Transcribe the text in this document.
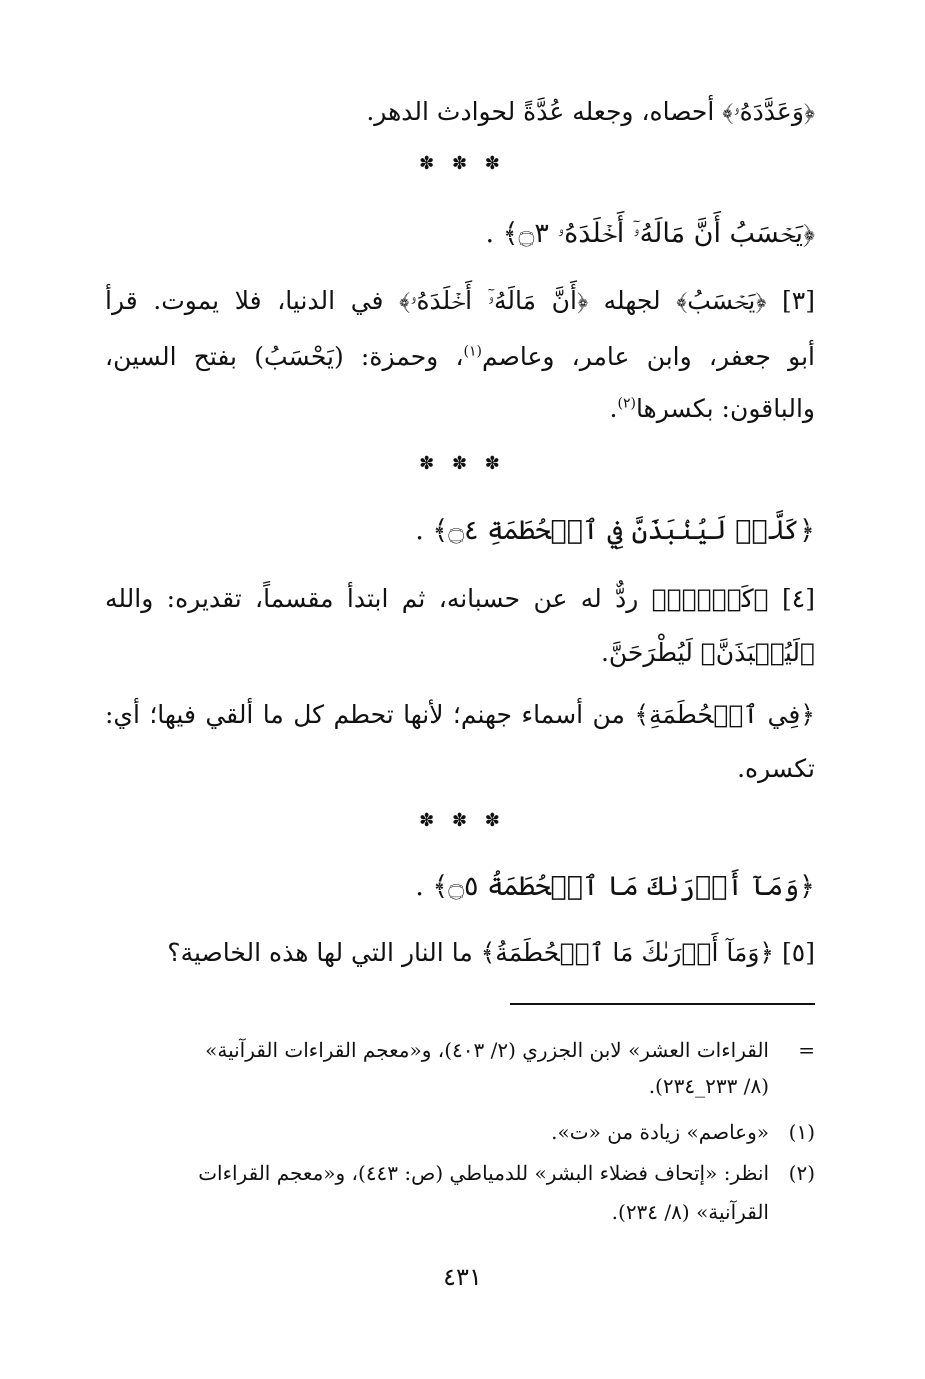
﴿وَعَدَّدَهُۥ﴾ أحصاه، وجعله عُدَّةً لحوادث الدهر.
✽ ✽ ✽
﴿يَحۡسَبُ أَنَّ مَالَهُۥٓ أَخۡلَدَهُۥ ۝٣﴾ .
[٣] ﴿يَحۡسَبُ﴾ لجهله ﴿أَنَّ مَالَهُۥٓ أَخۡلَدَهُۥ﴾ في الدنيا، فلا يموت. قرأ
أبو جعفر، وابن عامر، وعاصم$^{(١)}$، وحمزة: (يَحْسَبُ) بفتح السين،
والباقون: بكسرها$^{(٢)}$.
✽ ✽ ✽
﴿كَلَّاۖ لَيُنۢبَذَنَّ فِي ٱلۡحُطَمَةِ ۝٤﴾ .
[٤] ﴿كَلَّاۖ﴾ ردٌّ له عن حسبانه، ثم ابتدأ مقسماً، تقديره: والله
﴿لَيُنۢبَذَنَّ﴾ لَيُطْرَحَنَّ.
﴿فِي ٱلۡحُطَمَةِ﴾ من أسماء جهنم؛ لأنها تحطم كل ما ألقي فيها؛ أي:
تكسره.
✽ ✽ ✽
﴿وَمَآ أَدۡرَىٰكَ مَا ٱلۡحُطَمَةُ ۝٥﴾ .
[٥] ﴿وَمَآ أَدۡرَىٰكَ مَا ٱلۡحُطَمَةُ﴾ ما النار التي لها هذه الخاصية؟
=القراءات العشر» لابن الجزري (٢/ ٤٠٣)، و«معجم القراءات القرآنية»
(٨/ ٢٣٣_٢٣٤).
(١)«وعاصم» زيادة من «ت».
(٢)انظر: «إتحاف فضلاء البشر» للدمياطي (ص: ٤٤٣)، و«معجم القراءات
القرآنية» (٨/ ٢٣٤).
٤٣١
